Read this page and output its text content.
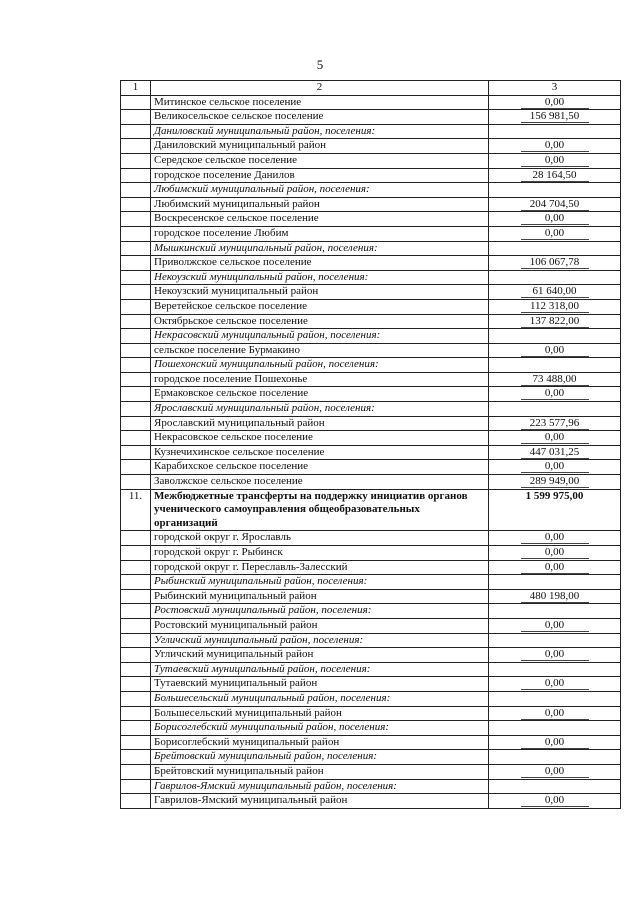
5
1	2	3
	Митинское сельское поселение	0,00
	Великосельское сельское поселение	156 981,50
	Даниловский муниципальный район, поселения:	
	Даниловский муниципальный район	0,00
	Середское сельское поселение	0,00
	городское поселение Данилов	28 164,50
	Любимский муниципальный район, поселения:	
	Любимский муниципальный район	204 704,50
	Воскресенское сельское поселение	0,00
	городское поселение Любим	0,00
	Мышкинский муниципальный район, поселения:	
	Приволжское сельское поселение	106 067,78
	Некоузский муниципальный район, поселения:	
	Некоузский муниципальный район	61 640,00
	Веретейское сельское поселение	112 318,00
	Октябрьское сельское поселение	137 822,00
	Некрасовский муниципальный район, поселения:	
	сельское поселение Бурмакино	0,00
	Пошехонский муниципальный район, поселения:	
	городское поселение Пошехонье	73 488,00
	Ермаковское сельское поселение	0,00
	Ярославский муниципальный район, поселения:	
	Ярославский муниципальный район	223 577,96
	Некрасовское сельское поселение	0,00
	Кузнечихинское сельское поселение	447 031,25
	Карабихское сельское поселение	0,00
	Заволжское сельское поселение	289 949,00
11.	Межбюджетные трансферты на поддержку инициатив органов ученического самоуправления общеобразовательных организаций	1 599 975,00
	городской округ г. Ярославль	0,00
	городской округ г. Рыбинск	0,00
	городской округ г. Переславль-Залесский	0,00
	Рыбинский муниципальный район, поселения:	
	Рыбинский муниципальный район	480 198,00
	Ростовский муниципальный район, поселения:	
	Ростовский муниципальный район	0,00
	Угличский муниципальный район, поселения:	
	Угличский муниципальный район	0,00
	Тутаевский муниципальный район, поселения:	
	Тутаевский муниципальный район	0,00
	Большесельский муниципальный район, поселения:	
	Большесельский муниципальный район	0,00
	Борисоглебский муниципальный район, поселения:	
	Борисоглебский муниципальный район	0,00
	Брейтовский муниципальный район, поселения:	
	Брейтовский муниципальный район	0,00
	Гаврилов-Ямский муниципальный район, поселения:	
	Гаврилов-Ямский муниципальный район	0,00
